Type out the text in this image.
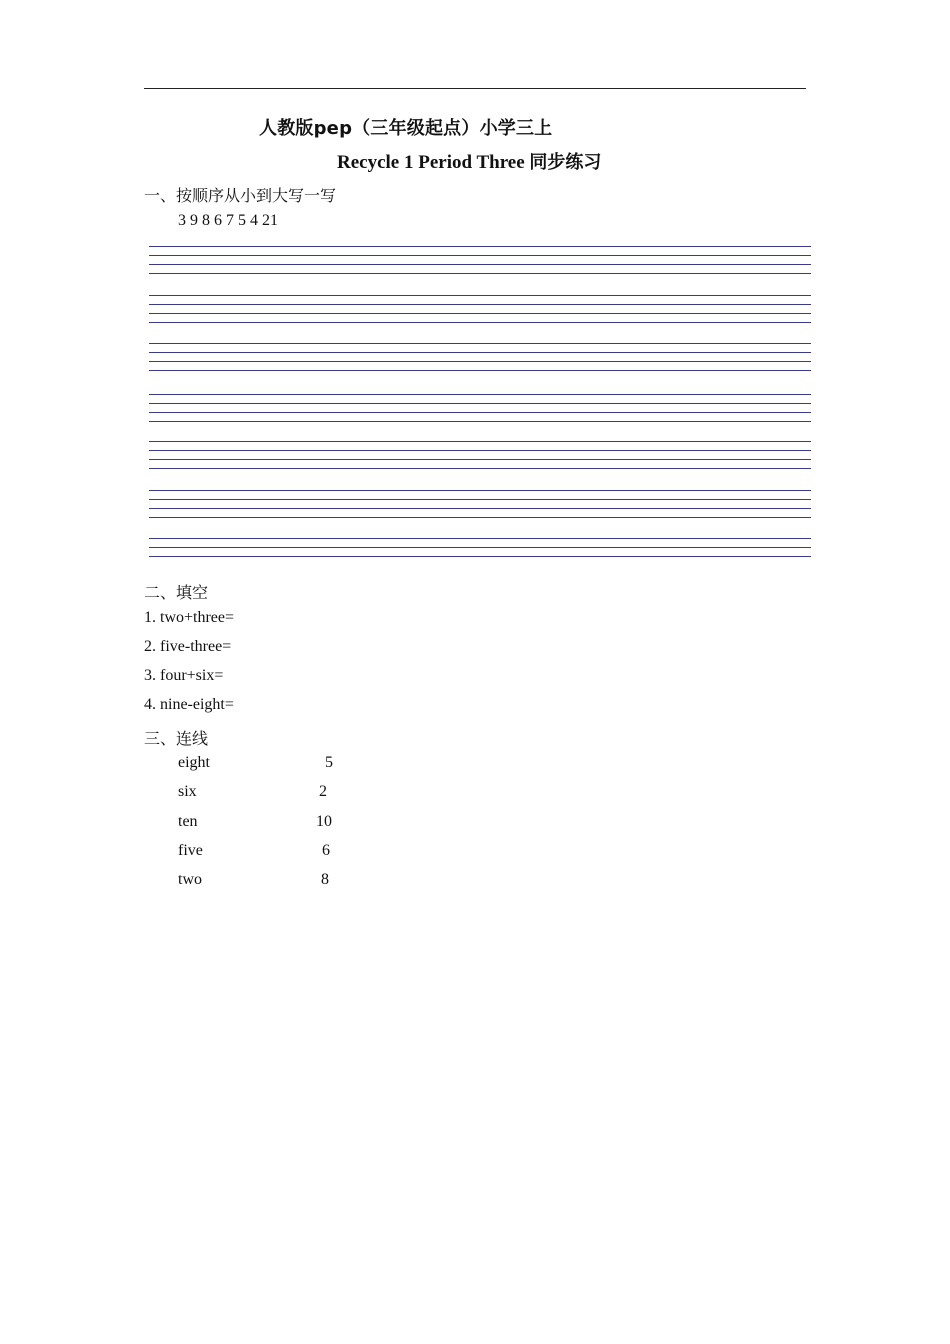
人教版pep（三年级起点）小学三上
Recycle 1 Period Three 同步练习
一、按顺序从小到大写一写
3 9 8 6 7 5 4 21
二、填空
1. two+three=
2. five-three=
3. four+six=
4. nine-eight=
三、连线
eight	5
six	2
ten	10
five	6
two	8
